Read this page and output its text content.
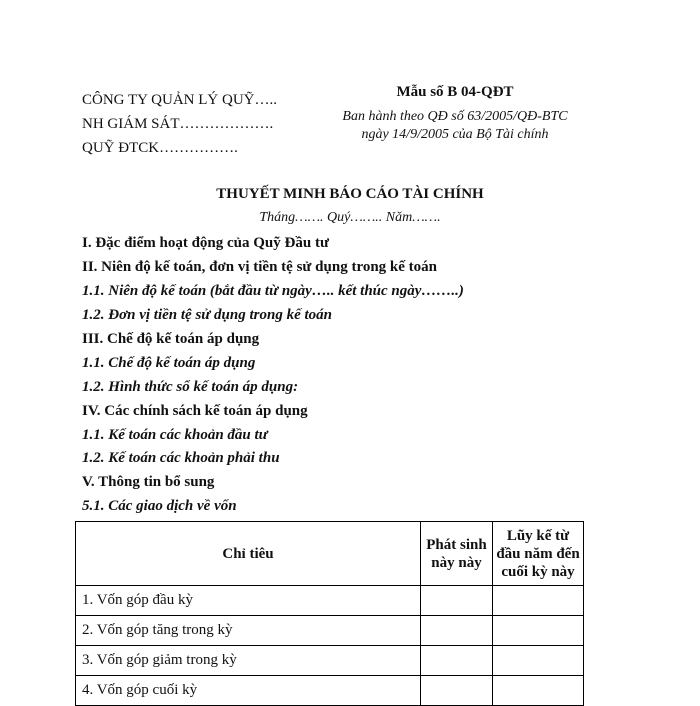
CÔNG TY QUẢN LÝ QUỸ…..
NH GIÁM SÁT……………….
QUỸ ĐTCK…………….
Mẫu số B 04-QĐT
Ban hành theo QĐ số 63/2005/QĐ-BTC
ngày 14/9/2005 của Bộ Tài chính
THUYẾT MINH BÁO CÁO TÀI CHÍNH
Tháng……. Quý…….. Năm…….
I. Đặc điểm hoạt động của Quỹ Đầu tư
II. Niên độ kế toán, đơn vị tiền tệ sử dụng trong kế toán
1.1. Niên độ kế toán (bắt đầu từ ngày….. kết thúc ngày……..)
1.2. Đơn vị tiền tệ sử dụng trong kế toán
III. Chế độ kế toán áp dụng
1.1. Chế độ kế toán áp dụng
1.2. Hình thức sổ kế toán áp dụng:
IV. Các chính sách kế toán áp dụng
1.1. Kế toán các khoản đầu tư
1.2. Kế toán các khoản phải thu
V. Thông tin bổ sung
5.1. Các giao dịch về vốn
Chỉ tiêu	Phát sinh này này	Lũy kế từ đầu năm đến cuối kỳ này
1. Vốn góp đầu kỳ		
2. Vốn góp tăng trong kỳ		
3. Vốn góp giảm trong kỳ		
4. Vốn góp cuối kỳ		
